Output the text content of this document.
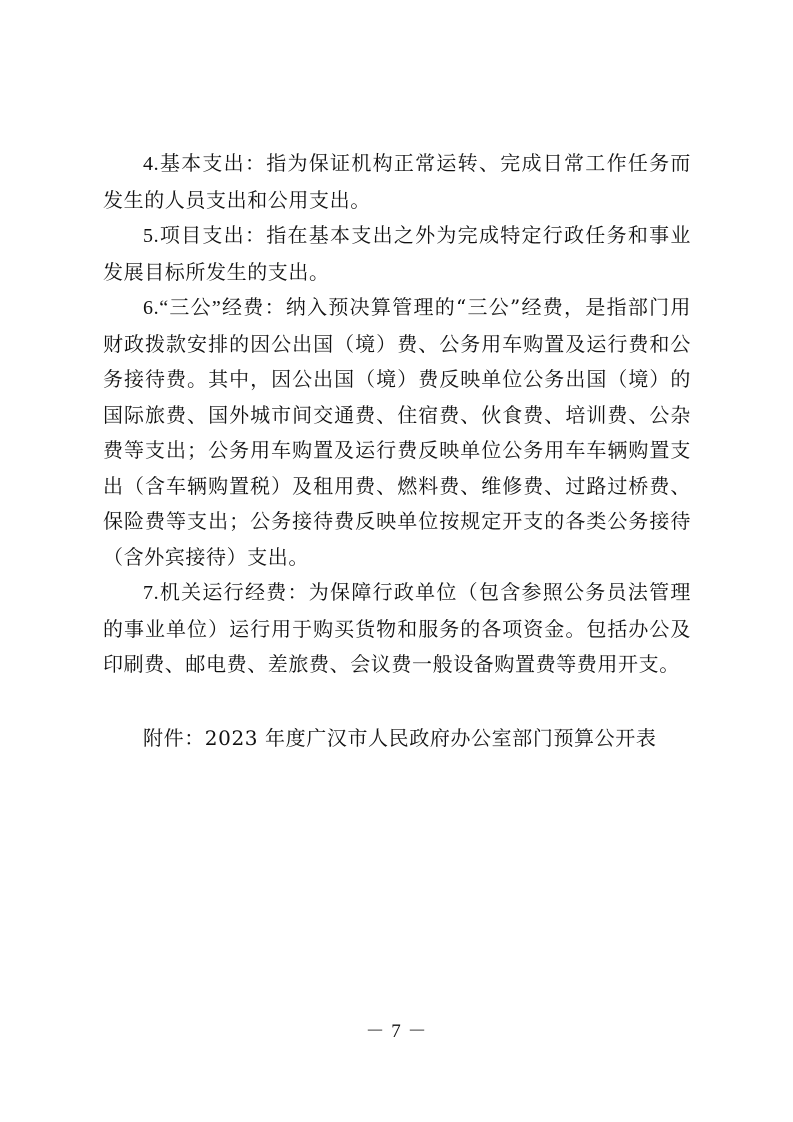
4.基本支出：指为保证机构正常运转、完成日常工作任务而发生的人员支出和公用支出。

5.项目支出：指在基本支出之外为完成特定行政任务和事业发展目标所发生的支出。

6.“三公”经费：纳入预决算管理的“三公”经费，是指部门用财政拨款安排的因公出国（境）费、公务用车购置及运行费和公务接待费。其中，因公出国（境）费反映单位公务出国（境）的国际旅费、国外城市间交通费、住宿费、伙食费、培训费、公杂费等支出；公务用车购置及运行费反映单位公务用车车辆购置支出（含车辆购置税）及租用费、燃料费、维修费、过路过桥费、保险费等支出；公务接待费反映单位按规定开支的各类公务接待（含外宾接待）支出。

7.机关运行经费：为保障行政单位（包含参照公务员法管理的事业单位）运行用于购买货物和服务的各项资金。包括办公及印刷费、邮电费、差旅费、会议费一般设备购置费等费用开支。

附件：2023 年度广汉市人民政府办公室部门预算公开表

－ 7 －
